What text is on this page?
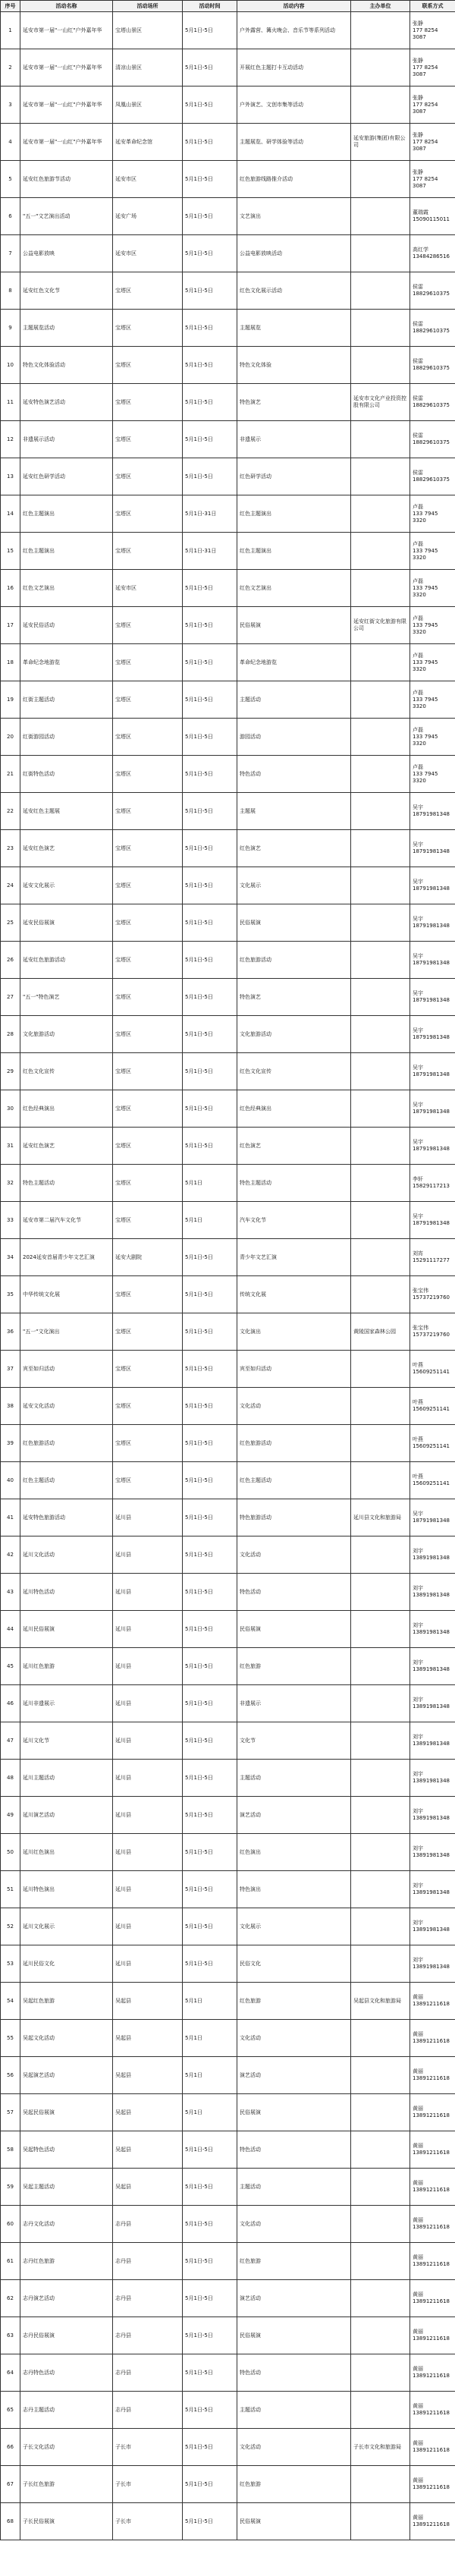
序号	活动名称	活动场所	活动时间	活动内容	主办单位	联系方式
1	延安市第一届"一山红"户外嘉年华	宝塔山景区	5月1日-5日	户外露营、篝火晚会、音乐节等系列活动		张静
177 8254 3087
2	延安市第一届"一山红"户外嘉年华	清凉山景区	5月1日-5日	开展红色主题打卡互动活动		张静
177 8254 3087
3	延安市第一届"一山红"户外嘉年华	凤凰山景区	5月1日-5日	户外演艺、文创市集等活动		张静
177 8254 3087
4	延安市第一届"一山红"户外嘉年华	延安革命纪念馆	5月1日-5日	主题展览、研学体验等活动	延安旅游(集团)有限公司	张静
177 8254 3087
5	延安红色旅游节活动	延安市区	5月1日-5日	红色旅游线路推介活动		张静
177 8254 3087
6	"五一"文艺演出活动	延安广场	5月1日-5日	文艺演出		董瑞霞
15090115011
7	公益电影放映	延安市区	5月1日-5日	公益电影放映活动		高红学
13484286516
8	延安红色文化节	宝塔区	5月1日-5日	红色文化展示活动		侯雷
18829610375
9	主题展览活动	宝塔区	5月1日-5日	主题展览		侯雷
18829610375
10	特色文化体验活动	宝塔区	5月1日-5日	特色文化体验		侯雷
18829610375
11	延安特色演艺活动	宝塔区	5月1日-5日	特色演艺	延安市文化产业投资控股有限公司	侯雷
18829610375
12	非遗展示活动	宝塔区	5月1日-5日	非遗展示		侯雷
18829610375
13	延安红色研学活动	宝塔区	5月1日-5日	红色研学活动		侯雷
18829610375
14	红色主题演出	宝塔区	5月1日-31日	红色主题演出		卢磊
133 7945 3320
15	红色主题演出	宝塔区	5月1日-31日	红色主题演出		卢磊
133 7945 3320
16	红色文艺演出	延安市区	5月1日-5日	红色文艺演出		卢磊
133 7945 3320
17	延安民俗活动	宝塔区	5月1日-5日	民俗展演	延安红街文化旅游有限公司	卢磊
133 7945 3320
18	革命纪念地游览	宝塔区	5月1日-5日	革命纪念地游览		卢磊
133 7945 3320
19	红街主题活动	宝塔区	5月1日-5日	主题活动		卢磊
133 7945 3320
20	红街游园活动	宝塔区	5月1日-5日	游园活动		卢磊
133 7945 3320
21	红街特色活动	宝塔区	5月1日-5日	特色活动		卢磊
133 7945 3320
22	延安红色主题展	宝塔区	5月1日-5日	主题展		吴宇
18791981348
23	延安红色演艺	宝塔区	5月1日-5日	红色演艺		吴宇
18791981348
24	延安文化展示	宝塔区	5月1日-5日	文化展示		吴宇
18791981348
25	延安民俗展演	宝塔区	5月1日-5日	民俗展演		吴宇
18791981348
26	延安红色旅游活动	宝塔区	5月1日-5日	红色旅游活动		吴宇
18791981348
27	"五一"特色演艺	宝塔区	5月1日-5日	特色演艺		吴宇
18791981348
28	文化旅游活动	宝塔区	5月1日-5日	文化旅游活动		吴宇
18791981348
29	红色文化宣传	宝塔区	5月1日-5日	红色文化宣传		吴宇
18791981348
30	红色经典演出	宝塔区	5月1日-5日	红色经典演出		吴宇
18791981348
31	延安红色演艺	宝塔区	5月1日-5日	红色演艺		吴宇
18791981348
32	特色主题活动	宝塔区	5月1日	特色主题活动		李轩
15829117213
33	延安市第二届汽车文化节	宝塔区	5月1日	汽车文化节		吴宇
18791981348
34	2024延安首届青少年文艺汇演	延安大剧院	5月1日-5日	青少年文艺汇演		刘宵
15291117277
35	中华传统文化展	宝塔区	5月1日-5日	传统文化展		张宝伟
15737219760
36	"五一"文化演出	宝塔区	5月1日-5日	文化演出	黄陵国家森林公园	张宝伟
15737219760
37	宾至如归活动	宝塔区	5月1日-5日	宾至如归活动		叶燕
15609251141
38	延安文化活动	宝塔区	5月1日-5日	文化活动		叶燕
15609251141
39	红色旅游活动	宝塔区	5月1日-5日	红色旅游活动		叶燕
15609251141
40	红色主题活动	宝塔区	5月1日-5日	红色主题活动		叶燕
15609251141
41	延安特色旅游活动	延川县	5月1日-5日	特色旅游活动	延川县文化和旅游局	吴宇
18791981348
42	延川文化活动	延川县	5月1日-5日	文化活动		刘宇
13891981348
43	延川特色活动	延川县	5月1日-5日	特色活动		刘宇
13891981348
44	延川民俗展演	延川县	5月1日-5日	民俗展演		刘宇
13891981348
45	延川红色旅游	延川县	5月1日-5日	红色旅游		刘宇
13891981348
46	延川非遗展示	延川县	5月1日-5日	非遗展示		刘宇
13891981348
47	延川文化节	延川县	5月1日-5日	文化节		刘宇
13891981348
48	延川主题活动	延川县	5月1日-5日	主题活动		刘宇
13891981348
49	延川演艺活动	延川县	5月1日-5日	演艺活动		刘宇
13891981348
50	延川红色演出	延川县	5月1日-5日	红色演出		刘宇
13891981348
51	延川特色演出	延川县	5月1日-5日	特色演出		刘宇
13891981348
52	延川文化展示	延川县	5月1日-5日	文化展示		刘宇
13891981348
53	延川民俗文化	延川县	5月1日-5日	民俗文化		刘宇
13891981348
54	吴起红色旅游	吴起县	5月1日	红色旅游	吴起县文化和旅游局	黄丽
13891211618
55	吴起文化活动	吴起县	5月1日	文化活动		黄丽
13891211618
56	吴起演艺活动	吴起县	5月1日	演艺活动		黄丽
13891211618
57	吴起民俗展演	吴起县	5月1日	民俗展演		黄丽
13891211618
58	吴起特色活动	吴起县	5月1日-5日	特色活动		黄丽
13891211618
59	吴起主题活动	吴起县	5月1日-5日	主题活动		黄丽
13891211618
60	志丹文化活动	志丹县	5月1日-5日	文化活动		黄丽
13891211618
61	志丹红色旅游	志丹县	5月1日-5日	红色旅游		黄丽
13891211618
62	志丹演艺活动	志丹县	5月1日-5日	演艺活动		黄丽
13891211618
63	志丹民俗展演	志丹县	5月1日-5日	民俗展演		黄丽
13891211618
64	志丹特色活动	志丹县	5月1日-5日	特色活动		黄丽
13891211618
65	志丹主题活动	志丹县	5月1日-5日	主题活动		黄丽
13891211618
66	子长文化活动	子长市	5月1日-5日	文化活动	子长市文化和旅游局	黄丽
13891211618
67	子长红色旅游	子长市	5月1日-5日	红色旅游		黄丽
13891211618
68	子长民俗展演	子长市	5月1日-5日	民俗展演		黄丽
13891211618
